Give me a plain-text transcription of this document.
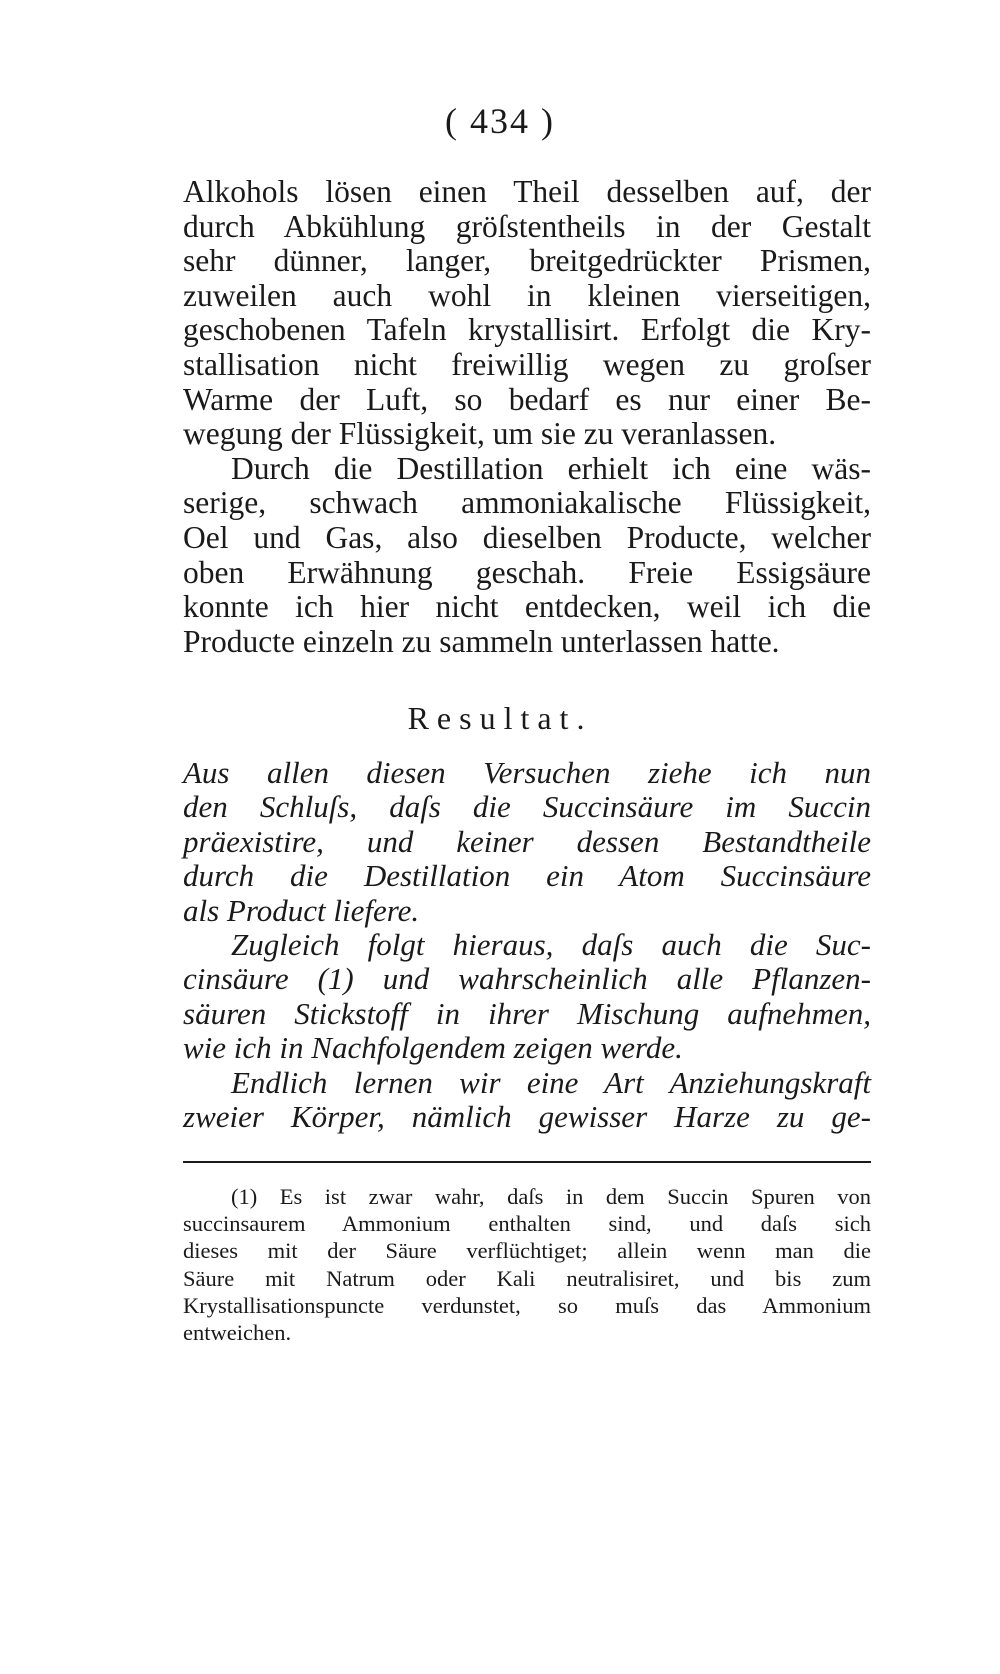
( 434 )
Alkohols lösen einen Theil desselben auf, der
durch Abkühlung gröſstentheils in der Gestalt
sehr dünner, langer, breitgedrückter Prismen,
zuweilen auch wohl in kleinen vierseitigen,
geschobenen Tafeln krystallisirt. Erfolgt die Kry-
stallisation nicht freiwillig wegen zu groſser
Warme der Luft, so bedarf es nur einer Be-
wegung der Flüssigkeit, um sie zu veranlassen.
Durch die Destillation erhielt ich eine wäs-
serige, schwach ammoniakalische Flüssigkeit,
Oel und Gas, also dieselben Producte, welcher
oben Erwähnung geschah. Freie Essigsäure
konnte ich hier nicht entdecken, weil ich die
Producte einzeln zu sammeln unterlassen hatte.
Resultat.
Aus allen diesen Versuchen ziehe ich nun
den Schluſs, daſs die Succinsäure im Succin
präexistire, und keiner dessen Bestandtheile
durch die Destillation ein Atom Succinsäure
als Product liefere.
Zugleich folgt hieraus, daſs auch die Suc-
cinsäure (1) und wahrscheinlich alle Pflanzen-
säuren Stickstoff in ihrer Mischung aufnehmen,
wie ich in Nachfolgendem zeigen werde.
Endlich lernen wir eine Art Anziehungskraft
zweier Körper, nämlich gewisser Harze zu ge-
(1) Es ist zwar wahr, daſs in dem Succin Spuren von
succinsaurem Ammonium enthalten sind, und daſs sich
dieses mit der Säure verflüchtiget; allein wenn man die
Säure mit Natrum oder Kali neutralisiret, und bis zum
Krystallisationspuncte verdunstet, so muſs das Ammonium
entweichen.
